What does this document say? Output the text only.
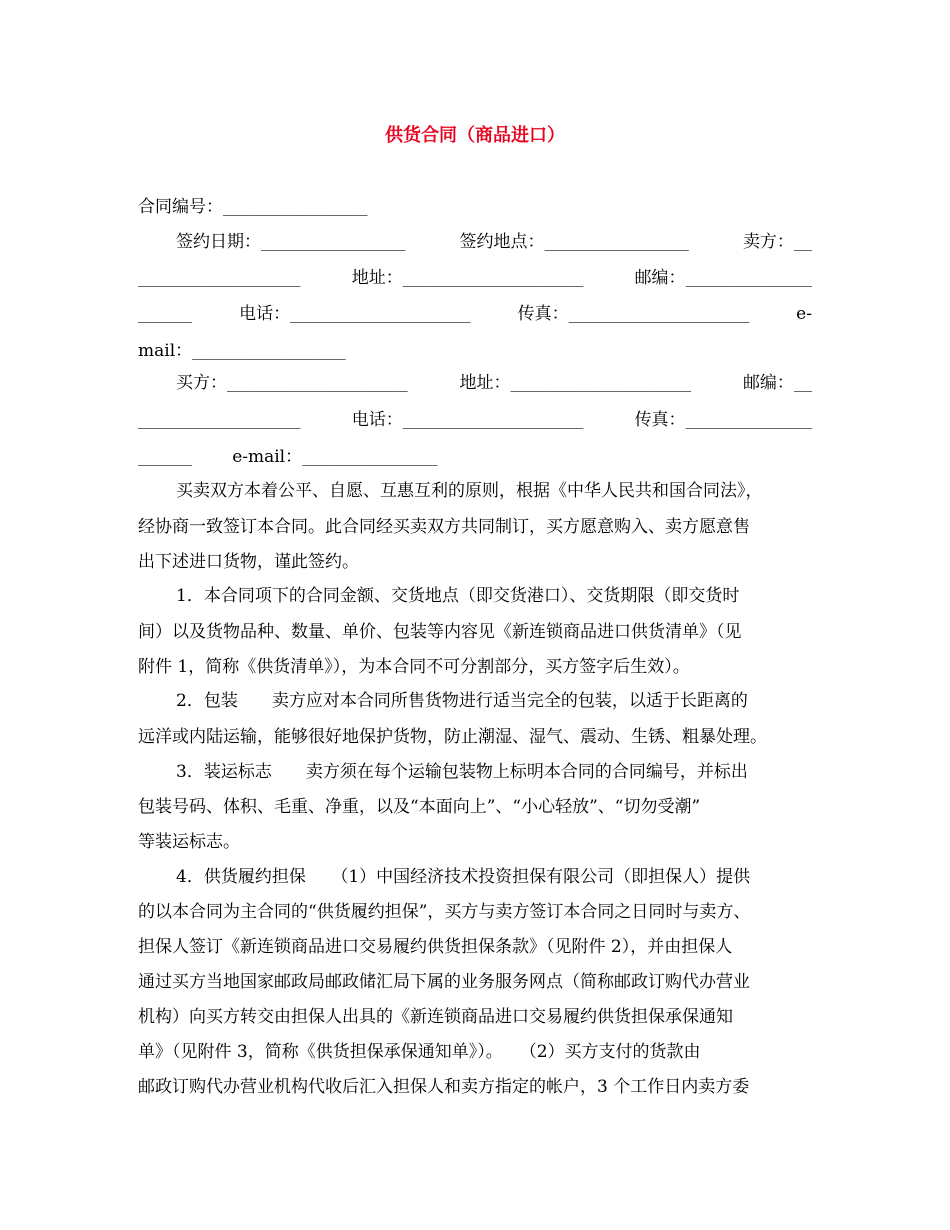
供货合同（商品进口）
合同编号：________________
签约日期：________________	签约地点：________________	卖方：__
__________________	地址：____________________	邮编：______________
______	电话：____________________	传真：____________________	e-
mail：_________________
买方：____________________	地址：____________________	邮编：__
__________________	电话：____________________	传真：______________
______ e-mail：_______________
买卖双方本着公平、自愿、互惠互利的原则，根据《中华人民共和国合同法》，
经协商一致签订本合同。此合同经买卖双方共同制订，买方愿意购入、卖方愿意售
出下述进口货物，谨此签约。
1．本合同项下的合同金额、交货地点（即交货港口）、交货期限（即交货时
间）以及货物品种、数量、单价、包装等内容见《新连锁商品进口供货清单》（见
附件 1，简称《供货清单》），为本合同不可分割部分，买方签字后生效）。
2．包装　　卖方应对本合同所售货物进行适当完全的包装，以适于长距离的
远洋或内陆运输，能够很好地保护货物，防止潮湿、湿气、震动、生锈、粗暴处理。
3．装运标志　　卖方须在每个运输包装物上标明本合同的合同编号，并标出
包装号码、体积、毛重、净重，以及“本面向上”、“小心轻放”、“切勿受潮”
等装运标志。
4．供货履约担保　　（1）中国经济技术投资担保有限公司（即担保人）提供
的以本合同为主合同的“供货履约担保”，买方与卖方签订本合同之日同时与卖方、
担保人签订《新连锁商品进口交易履约供货担保条款》（见附件 2），并由担保人
通过买方当地国家邮政局邮政储汇局下属的业务服务网点（简称邮政订购代办营业
机构）向买方转交由担保人出具的《新连锁商品进口交易履约供货担保承保通知
单》（见附件 3，简称《供货担保承保通知单》）。　　（2）买方支付的货款由
邮政订购代办营业机构代收后汇入担保人和卖方指定的帐户，3 个工作日内卖方委
